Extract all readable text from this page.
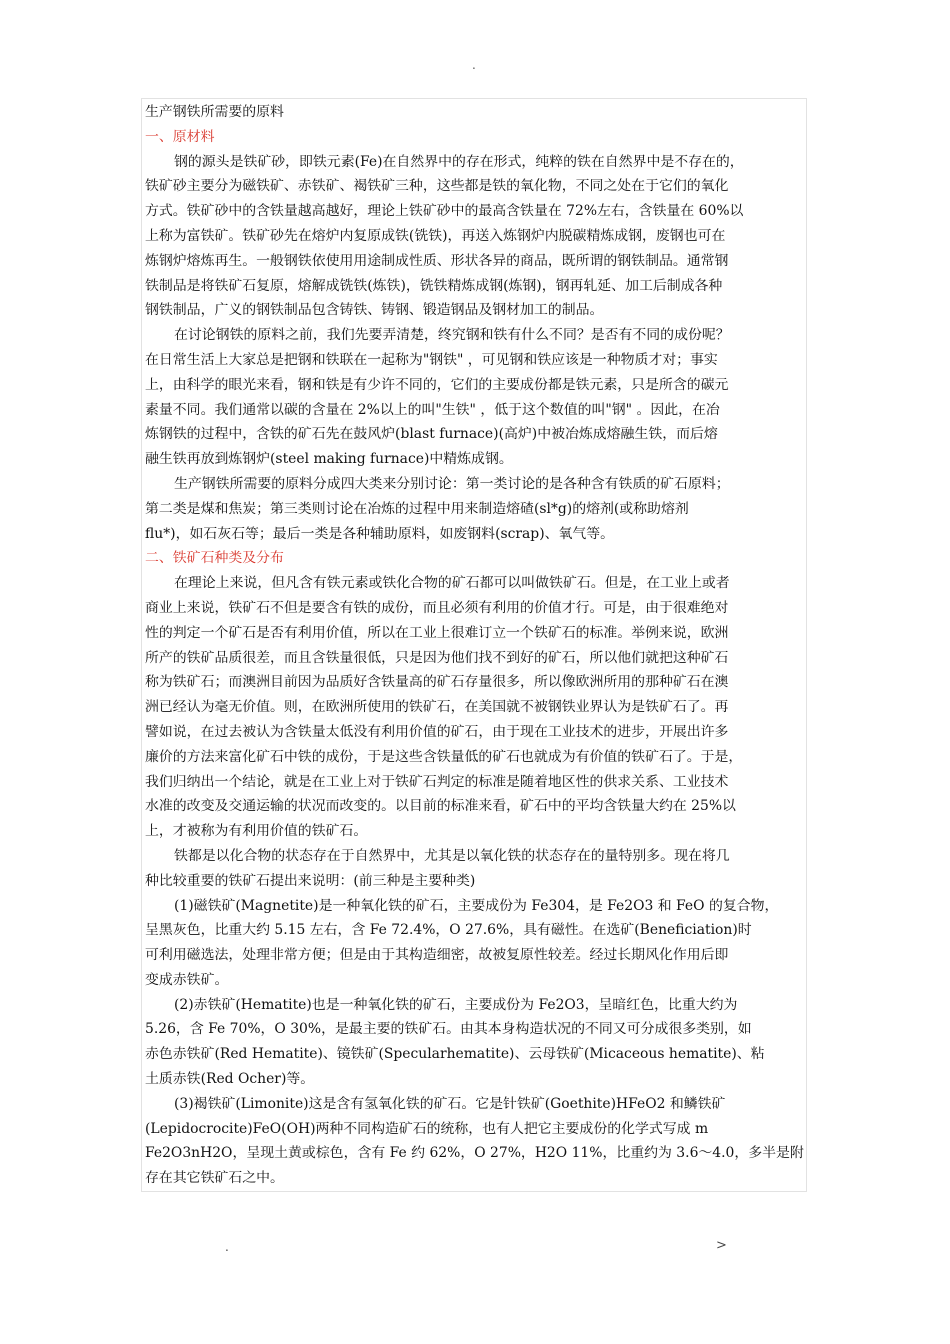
.
生产钢铁所需要的原料
一、原材料
钢的源头是铁矿砂，即铁元素(Fe)在自然界中的存在形式，纯粹的铁在自然界中是不存在的，
铁矿砂主要分为磁铁矿、赤铁矿、褐铁矿三种，这些都是铁的氧化物，不同之处在于它们的氧化
方式。铁矿砂中的含铁量越高越好，理论上铁矿砂中的最高含铁量在 72%左右，含铁量在 60%以
上称为富铁矿。铁矿砂先在熔炉内复原成铁(铣铁)，再送入炼钢炉内脱碳精炼成钢，废钢也可在
炼钢炉熔炼再生。一般钢铁依使用用途制成性质、形状各异的商品，既所谓的钢铁制品。通常钢
铁制品是将铁矿石复原，熔解成铣铁(炼铁)，铣铁精炼成钢(炼钢)，钢再轧延、加工后制成各种
钢铁制品，广义的钢铁制品包含铸铁、铸钢、锻造钢品及钢材加工的制品。
在讨论钢铁的原料之前，我们先要弄清楚，终究钢和铁有什么不同？是否有不同的成份呢？
在日常生活上大家总是把钢和铁联在一起称为"钢铁" ，可见钢和铁应该是一种物质才对；事实
上，由科学的眼光来看，钢和铁是有少许不同的，它们的主要成份都是铁元素，只是所含的碳元
素量不同。我们通常以碳的含量在 2%以上的叫"生铁" ，低于这个数值的叫"钢" 。因此，在冶
炼钢铁的过程中，含铁的矿石先在鼓风炉(blast furnace)(高炉)中被冶炼成熔融生铁，而后熔
融生铁再放到炼钢炉(steel making furnace)中精炼成钢。
生产钢铁所需要的原料分成四大类来分别讨论：第一类讨论的是各种含有铁质的矿石原料；
第二类是煤和焦炭；第三类则讨论在冶炼的过程中用来制造熔碴(sl*g)的熔剂(或称助熔剂
flu*)，如石灰石等；最后一类是各种辅助原料，如废钢料(scrap)、氧气等。
二、铁矿石种类及分布
在理论上来说，但凡含有铁元素或铁化合物的矿石都可以叫做铁矿石。但是，在工业上或者
商业上来说，铁矿石不但是要含有铁的成份，而且必须有利用的价值才行。可是，由于很难绝对
性的判定一个矿石是否有利用价值，所以在工业上很难订立一个铁矿石的标准。举例来说，欧洲
所产的铁矿品质很差，而且含铁量很低，只是因为他们找不到好的矿石，所以他们就把这种矿石
称为铁矿石；而澳洲目前因为品质好含铁量高的矿石存量很多，所以像欧洲所用的那种矿石在澳
洲已经认为毫无价值。则，在欧洲所使用的铁矿石，在美国就不被钢铁业界认为是铁矿石了。再
譬如说，在过去被认为含铁量太低没有利用价值的矿石，由于现在工业技术的进步，开展出许多
廉价的方法来富化矿石中铁的成份，于是这些含铁量低的矿石也就成为有价值的铁矿石了。于是，
我们归纳出一个结论，就是在工业上对于铁矿石判定的标准是随着地区性的供求关系、工业技术
水准的改变及交通运输的状况而改变的。以目前的标准来看，矿石中的平均含铁量大约在 25%以
上，才被称为有利用价值的铁矿石。
铁都是以化合物的状态存在于自然界中，尤其是以氧化铁的状态存在的量特别多。现在将几
种比较重要的铁矿石提出来说明：(前三种是主要种类)
(1)磁铁矿(Magnetite)是一种氧化铁的矿石，主要成份为 Fe304，是 Fe2O3 和 FeO 的复合物，
呈黑灰色，比重大约 5.15 左右，含 Fe 72.4%，O 27.6%，具有磁性。在选矿(Beneficiation)时
可利用磁选法，处理非常方便；但是由于其构造细密，故被复原性较差。经过长期风化作用后即
变成赤铁矿。
(2)赤铁矿(Hematite)也是一种氧化铁的矿石，主要成份为 Fe2O3，呈暗红色，比重大约为
5.26，含 Fe 70%，O 30%，是最主要的铁矿石。由其本身构造状况的不同又可分成很多类别，如
赤色赤铁矿(Red Hematite)、镜铁矿(Specularhematite)、云母铁矿(Micaceous hematite)、粘
土质赤铁(Red Ocher)等。
(3)褐铁矿(Limonite)这是含有氢氧化铁的矿石。它是针铁矿(Goethite)HFeO2 和鳞铁矿
(Lepidocrocite)FeO(OH)两种不同构造矿石的统称，也有人把它主要成份的化学式写成 m
Fe2O3nH2O，呈现土黄或棕色，含有 Fe 约 62%，O 27%，H2O 11%，比重约为 3.6～4.0，多半是附
存在其它铁矿石之中。
.	>
